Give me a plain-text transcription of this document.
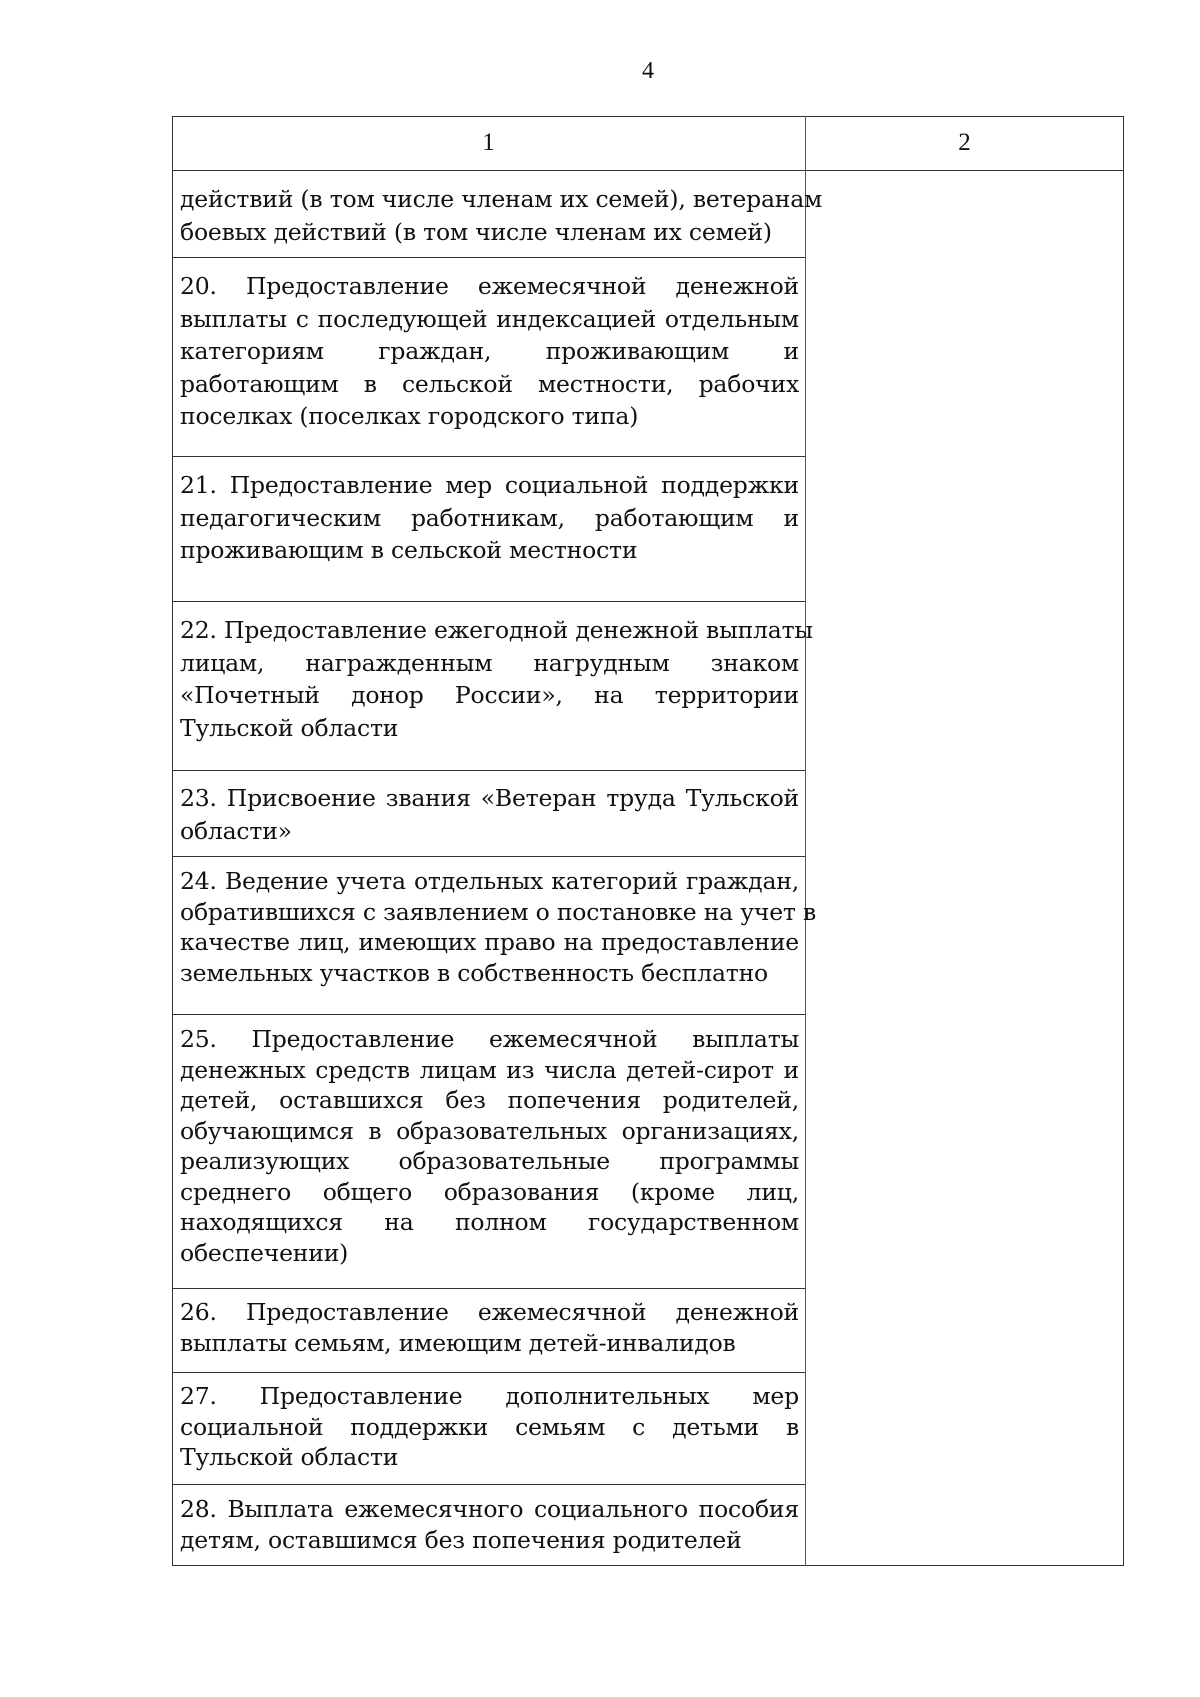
4
1	2
действий (в том числе членам их семей), ветеранам
боевых действий (в том числе членам их семей)
20. Предоставление ежемесячной денежной
выплаты с последующей индексацией отдельным
категориям граждан, проживающим и
работающим в сельской местности, рабочих
поселках (поселках городского типа)
21. Предоставление мер социальной поддержки
педагогическим работникам, работающим и
проживающим в сельской местности
22. Предоставление ежегодной денежной выплаты
лицам, награжденным нагрудным знаком
«Почетный донор России», на территории
Тульской области
23. Присвоение звания «Ветеран труда Тульской
области»
24. Ведение учета отдельных категорий граждан,
обратившихся с заявлением о постановке на учет в
качестве лиц, имеющих право на предоставление
земельных участков в собственность бесплатно
25. Предоставление ежемесячной выплаты
денежных средств лицам из числа детей-сирот и
детей, оставшихся без попечения родителей,
обучающимся в образовательных организациях,
реализующих образовательные программы
среднего общего образования (кроме лиц,
находящихся на полном государственном
обеспечении)
26. Предоставление ежемесячной денежной
выплаты семьям, имеющим детей-инвалидов
27. Предоставление дополнительных мер
социальной поддержки семьям с детьми в
Тульской области
28. Выплата ежемесячного социального пособия
детям, оставшимся без попечения родителей
